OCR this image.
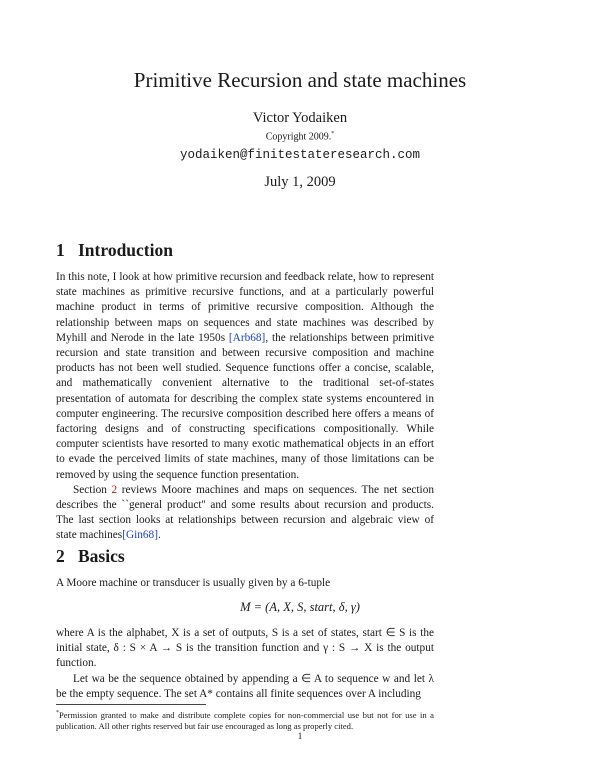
Primitive Recursion and state machines
Victor Yodaiken
Copyright 2009.*
yodaiken@finitestateresearch.com
July 1, 2009
1 Introduction

In this note, I look at how primitive recursion and feedback relate, how to represent state machines as primitive recursive functions, and at a particularly powerful machine product in terms of primitive recursive composition. Although the relationship between maps on sequences and state machines was described by Myhill and Nerode in the late 1950s [Arb68], the relationships between primitive recursion and state transition and between recursive composition and machine products has not been well studied. Sequence functions offer a concise, scalable, and mathematically convenient alternative to the traditional set-of-states presentation of automata for describing the complex state systems encountered in computer engineering. The recursive composition described here offers a means of factoring designs and of constructing specifications compositionally. While computer scientists have resorted to many exotic mathematical objects in an effort to evade the perceived limits of state machines, many of those limitations can be removed by using the sequence function presentation.

Section 2 reviews Moore machines and maps on sequences. The net section describes the ``general product'' and some results about recursion and products. The last section looks at relationships between recursion and algebraic view of state machines[Gin68].

2 Basics

A Moore machine or transducer is usually given by a 6-tuple

M = (A, X, S, start, δ, γ)

where A is the alphabet, X is a set of outputs, S is a set of states, start ∈ S is the initial state, δ : S × A → S is the transition function and γ : S → X is the output function.

Let wa be the sequence obtained by appending a ∈ A to sequence w and let λ be the empty sequence. The set A* contains all finite sequences over A including

*Permission granted to make and distribute complete copies for non-commercial use but not for use in a publication. All other rights reserved but fair use encouraged as long as properly cited.
1
